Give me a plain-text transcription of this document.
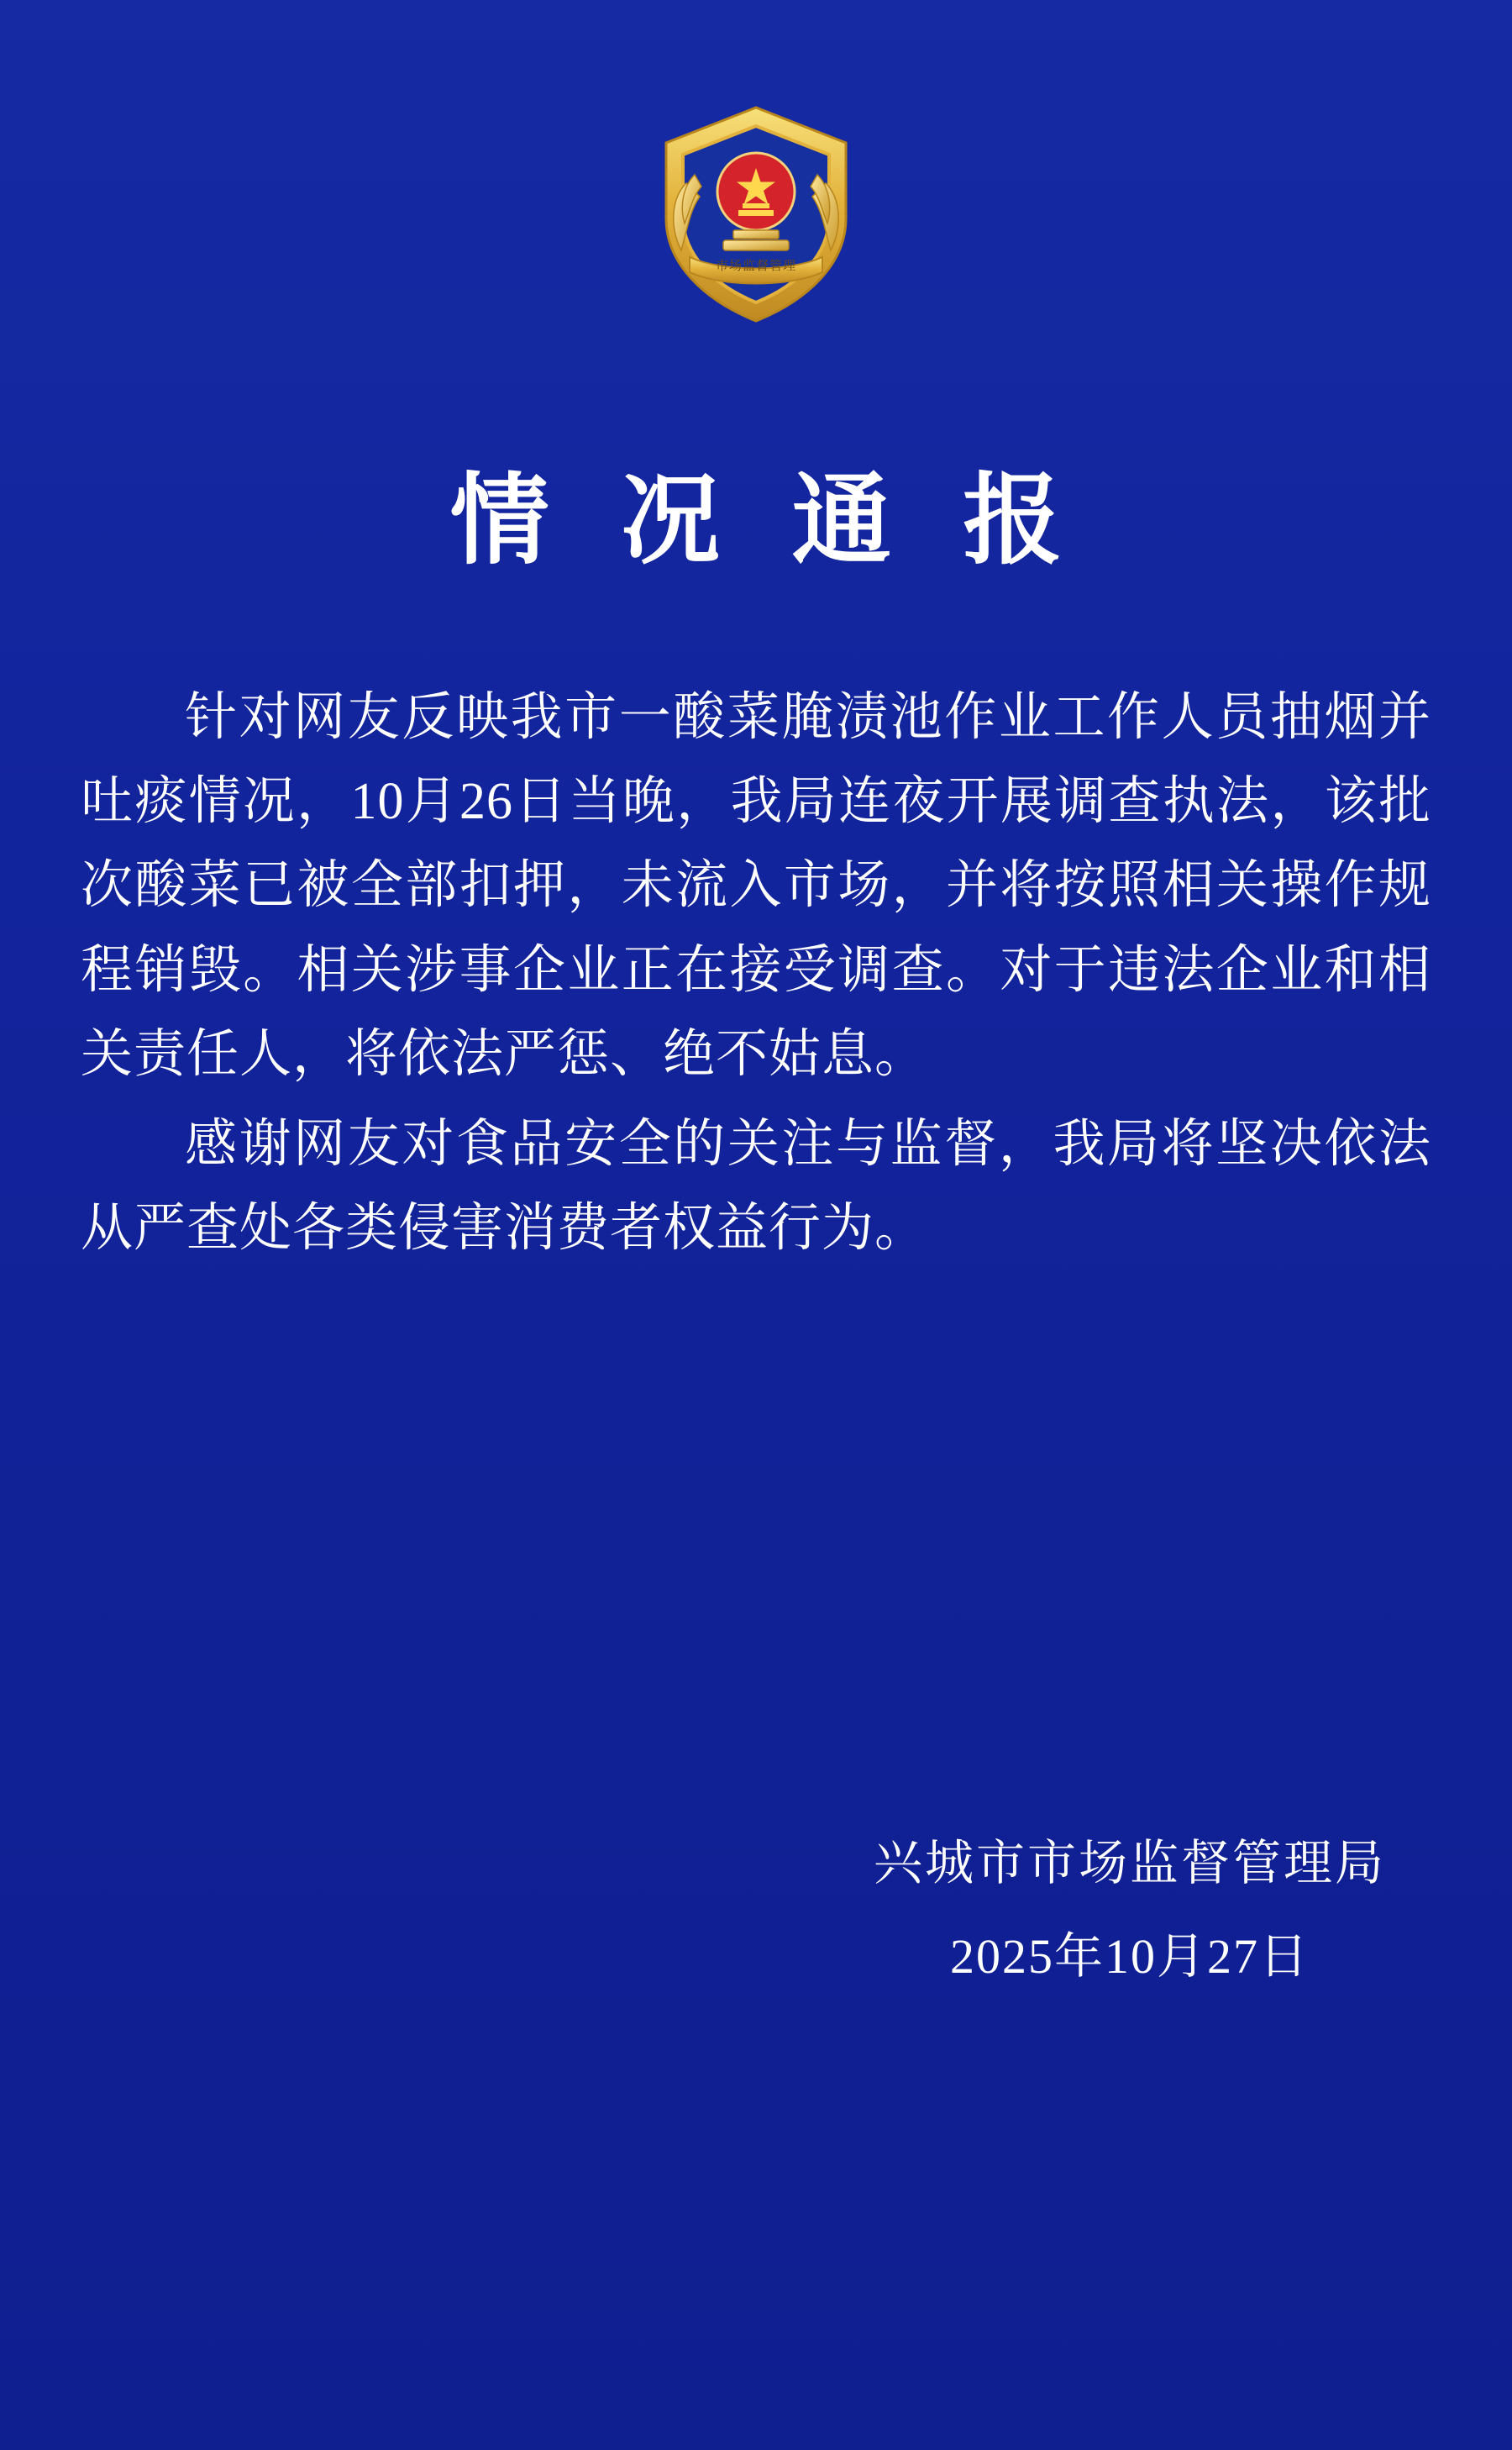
市场监督管理
情 况 通 报

针对网友反映我市一酸菜腌渍池作业工作人员抽烟并吐痰情况，10月26日当晚，我局连夜开展调查执法，该批次酸菜已被全部扣押，未流入市场，并将按照相关操作规程销毁。相关涉事企业正在接受调查。对于违法企业和相关责任人，将依法严惩、绝不姑息。

感谢网友对食品安全的关注与监督，我局将坚决依法从严查处各类侵害消费者权益行为。

兴城市市场监督管理局
2025年10月27日
